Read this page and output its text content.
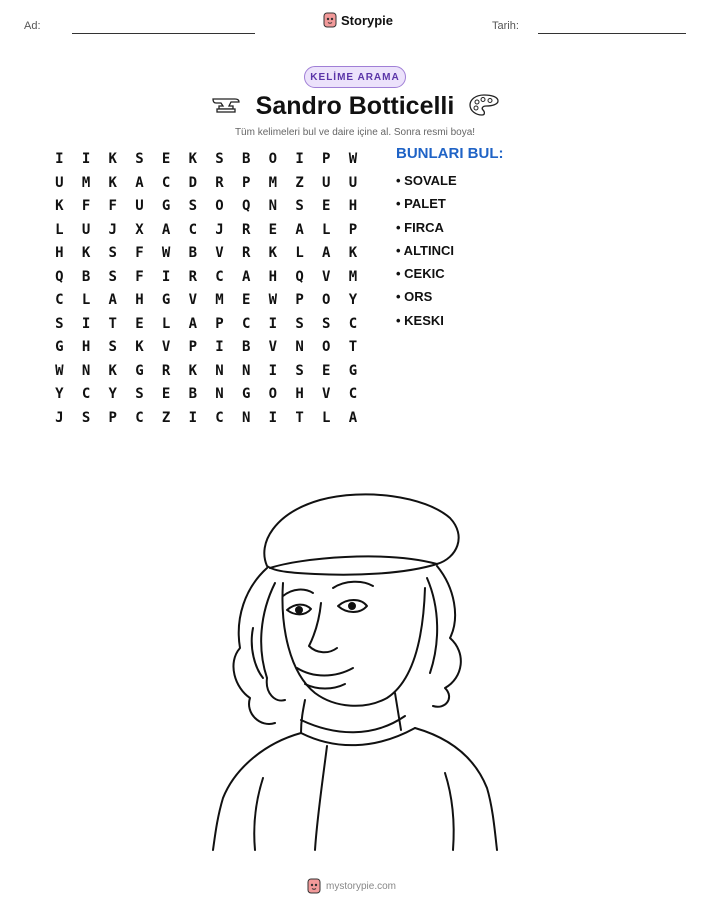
Ad:	Storypie	Tarih:
KELİME ARAMA
Sandro Botticelli
Tüm kelimeleri bul ve daire içine al. Sonra resmi boya!
I	I	K	S	E	K	S	B	O	I	P	W
U	M	K	A	C	D	R	P	M	Z	U	U
K	F	F	U	G	S	O	Q	N	S	E	H
L	U	J	X	A	C	J	R	E	A	L	P
H	K	S	F	W	B	V	R	K	L	A	K
Q	B	S	F	I	R	C	A	H	Q	V	M
C	L	A	H	G	V	M	E	W	P	O	Y
S	I	T	E	L	A	P	C	I	S	S	C
G	H	S	K	V	P	I	B	V	N	O	T
W	N	K	G	R	K	N	N	I	S	E	G
Y	C	Y	S	E	B	N	G	O	H	V	C
J	S	P	C	Z	I	C	N	I	T	L	A
BUNLARI BUL:
• SOVALE
• PALET
• FIRCA
• ALTINCI
• CEKIC
• ORS
• KESKI
mystorypie.com
